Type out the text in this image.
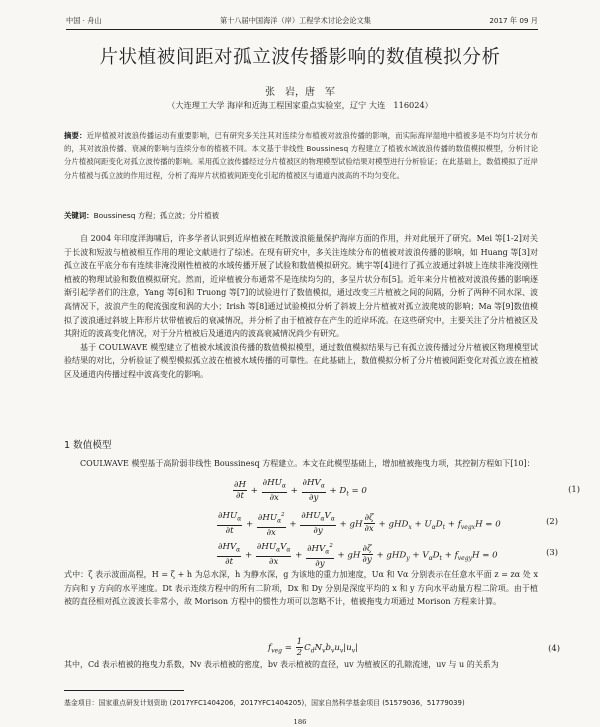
中国 · 舟山	第十八届中国海洋（岸）工程学术讨论会论文集	2017 年 09 月
片状植被间距对孤立波传播影响的数值模拟分析
张　岩，唐　军
（大连理工大学 海岸和近海工程国家重点实验室，辽宁 大连　116024）
摘要：近岸植被对波浪传播运动有重要影响，已有研究多关注其对连续分布植被对波浪传播的影响，而实际海岸湿地中植被多是不均匀片状分布的，其对波浪传播、衰减的影响与连续分布的植被不同。本文基于非线性 Boussinesq 方程建立了植被水域波浪传播的数值模拟模型，分析讨论分片植被间距变化对孤立波传播的影响。采用孤立波传播经过分片植被区的物理模型试验结果对模型进行分析验证；在此基础上，数值模拟了近岸分片植被与孤立波的作用过程，分析了海岸片状植被间距变化引起的植被区与通道内波高的不均匀变化。
关键词：Boussinesq 方程；孤立波；分片植被

自 2004 年印度洋海啸后，许多学者认识到近岸植被在耗散波浪能量保护海岸方面的作用，并对此展开了研究。Mei 等[1-2]对关于长波和短波与植被相互作用的理论文献进行了综述。在现有研究中，多关注连续分布的植被对波浪传播的影响，如 Huang 等[3]对孤立波在平底分布有连续非淹没刚性植被的水域传播开展了试验和数值模拟研究。姚宇等[4]进行了孤立波通过斜坡上连续非淹没刚性植被的物理试验和数值模拟研究。然而，近岸植被分布通常不是连续均匀的，多呈片状分布[5]。近年来分片植被对波浪传播的影响逐渐引起学者们的注意，Yang 等[6]和 Truong 等[7]的试验进行了数值模拟，通过改变三片植被之间的间隔，分析了两种不同水深、波高情况下，波浪产生的爬流强度和涡的大小；Irish 等[8]通过试验模拟分析了斜坡上分片植被对孤立波爬坡的影响；Ma 等[9]数值模拟了波浪通过斜坡上阵形片状带植被后的衰减情况，并分析了由于植被存在产生的近岸环流。在这些研究中，主要关注了分片植被区及其附近的波高变化情况，对于分片植被后及通道内的波高衰减情况尚少有研究。

基于 COULWAVE 模型建立了植被水域波浪传播的数值模拟模型，通过数值模拟结果与已有孤立波传播过分片植被区物理模型试验结果的对比，分析验证了模型模拟孤立波在植被水域传播的可靠性。在此基础上，数值模拟分析了分片植被间距变化对孤立波在植被区及通道内传播过程中波高变化的影响。

1 数值模型

COULWAVE 模型基于高阶弱非线性 Boussinesq 方程建立。本文在此模型基础上，增加植被拖曳力项，其控制方程如下[10]：

$\frac{\partial H}{\partial t} + \frac{\partial HU_\alpha}{\partial x} + \frac{\partial HV_\alpha}{\partial y} + D_t = 0$	(1)
$\frac{\partial HU_\alpha}{\partial t} + \frac{\partial HU_\alpha^2}{\partial x} + \frac{\partial HU_\alpha V_\alpha}{\partial y}$ + gH $\frac{\partial\zeta}{\partial x} + gHD_x + U_\alpha D_t + f_{vegx}H = 0$	(2)
$\frac{\partial HV_\alpha}{\partial t} + \frac{\partial HU_\alpha V_\alpha}{\partial x} + \frac{\partial HV_\alpha^2}{\partial y}$ + gH $\frac{\partial\zeta}{\partial y} + gHD_y + V_\alpha D_t + f_{vegy}H = 0$	(3)

式中：ζ 表示波面高程，H = ζ + h 为总水深，h 为静水深，g 为该地的重力加速度，Uα 和 Vα 分别表示在任意水平面 z = zα 处 x 方向和 y 方向的水平速度。Dt 表示连续方程中的所有二阶项，Dx 和 Dy 分别是深度平均的 x 和 y 方向水平动量方程二阶项。由于植被的直径相对孤立波波长非常小，故 Morison 方程中的惯性力项可以忽略不计，植被拖曳力项通过 Morison 方程来计算。

$f_{veg} = \frac{1}{2} C_dN_vb_vu_v|u_v|$	(4)

其中，Cd 表示植被的拖曳力系数，Nv 表示植被的密度，bv 表示植被的直径，uv 为植被区的孔隙流速，uv 与 u 的关系为

基金项目：国家重点研发计划资助 (2017YFC1404206，2017YFC1404205)，国家自然科学基金项目 (51579036，51779039)
186
